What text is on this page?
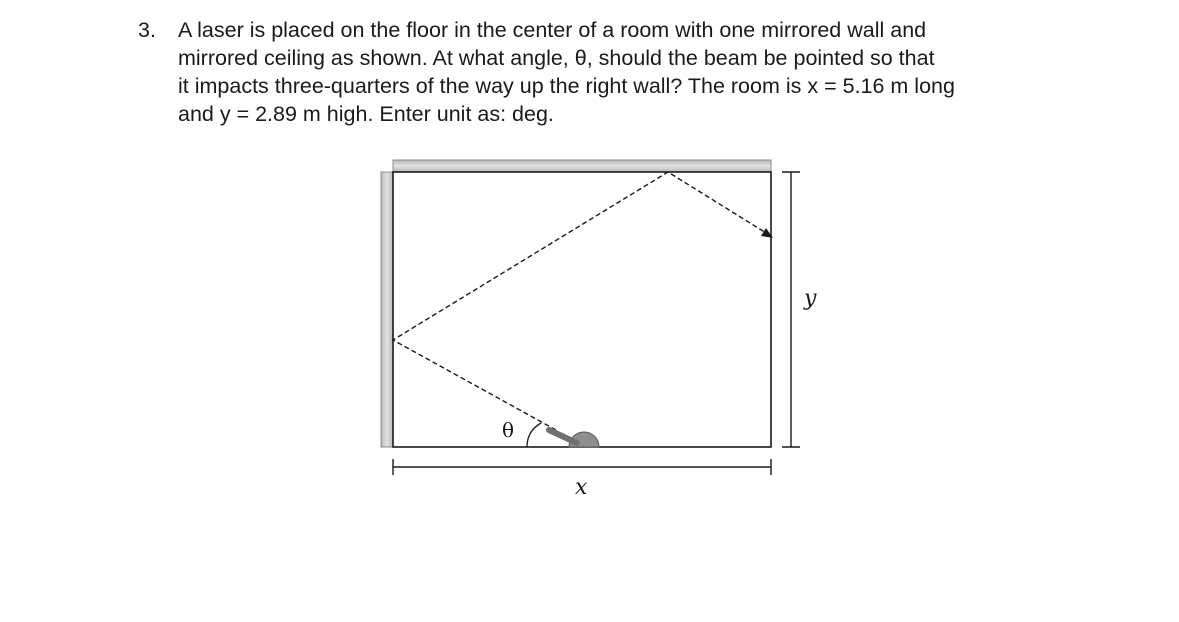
3. A laser is placed on the floor in the center of a room with one mirrored wall and
mirrored ceiling as shown. At what angle, θ, should the beam be pointed so that
it impacts three-quarters of the way up the right wall? The room is x = 5.16 m long
and y = 2.89 m high. Enter unit as: deg.
θ
x
y
